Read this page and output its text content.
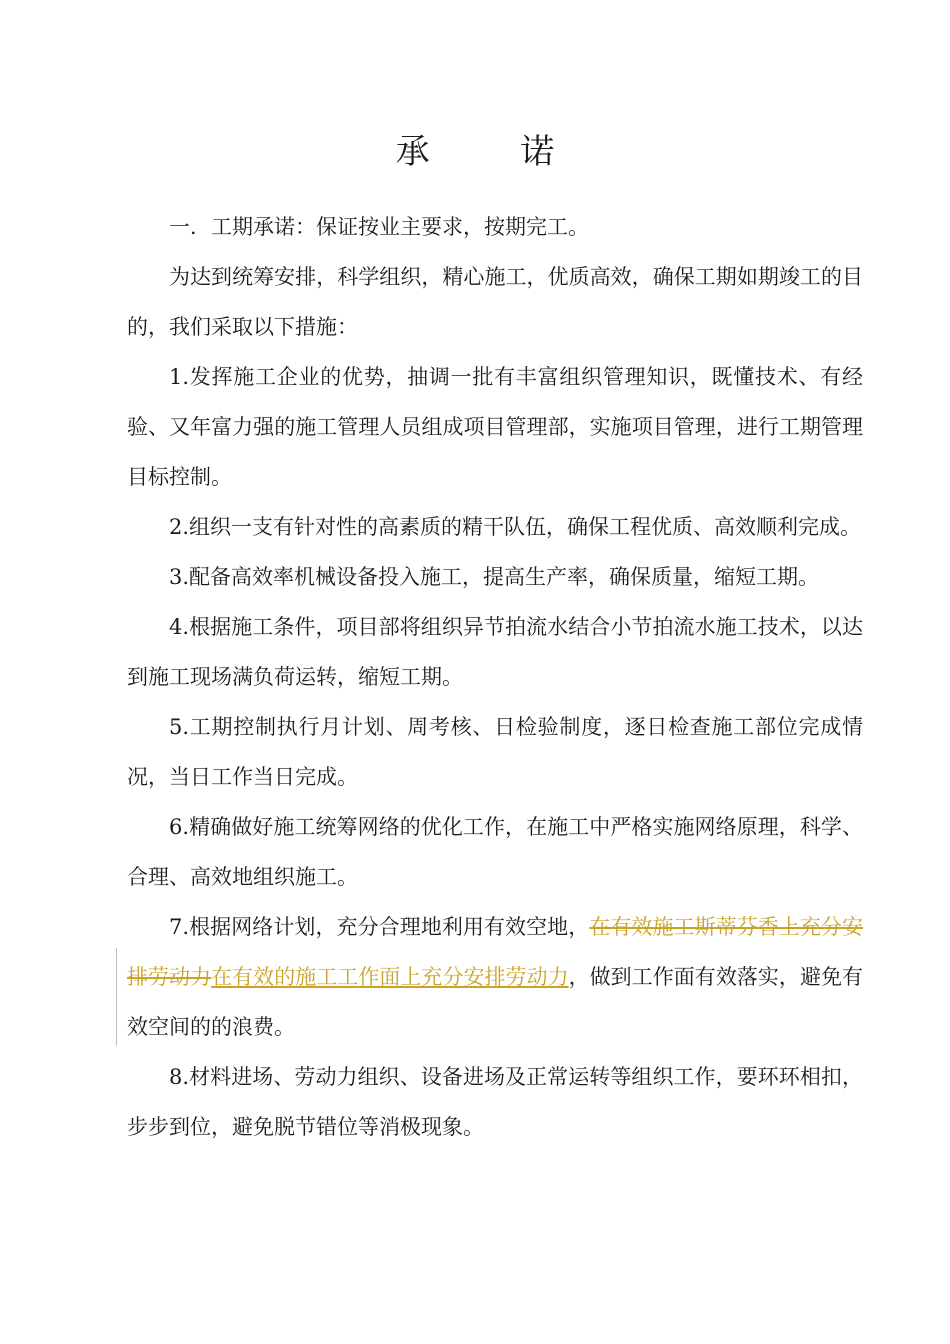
承 诺

一．工期承诺：保证按业主要求，按期完工。

为达到统筹安排，科学组织，精心施工，优质高效，确保工期如期竣工的目的，我们采取以下措施：

1.发挥施工企业的优势，抽调一批有丰富组织管理知识，既懂技术、有经验、又年富力强的施工管理人员组成项目管理部，实施项目管理，进行工期管理目标控制。

2.组织一支有针对性的高素质的精干队伍，确保工程优质、高效顺利完成。

3.配备高效率机械设备投入施工，提高生产率，确保质量，缩短工期。

4.根据施工条件，项目部将组织异节拍流水结合小节拍流水施工技术，以达到施工现场满负荷运转，缩短工期。

5.工期控制执行月计划、周考核、日检验制度，逐日检查施工部位完成情况，当日工作当日完成。

6.精确做好施工统筹网络的优化工作，在施工中严格实施网络原理，科学、合理、高效地组织施工。

7.根据网络计划，充分合理地利用有效空地，在有效施工斯蒂芬香上充分安排劳动力在有效的施工工作面上充分安排劳动力，做到工作面有效落实，避免有效空间的的浪费。

8.材料进场、劳动力组织、设备进场及正常运转等组织工作，要环环相扣，步步到位，避免脱节错位等消极现象。
